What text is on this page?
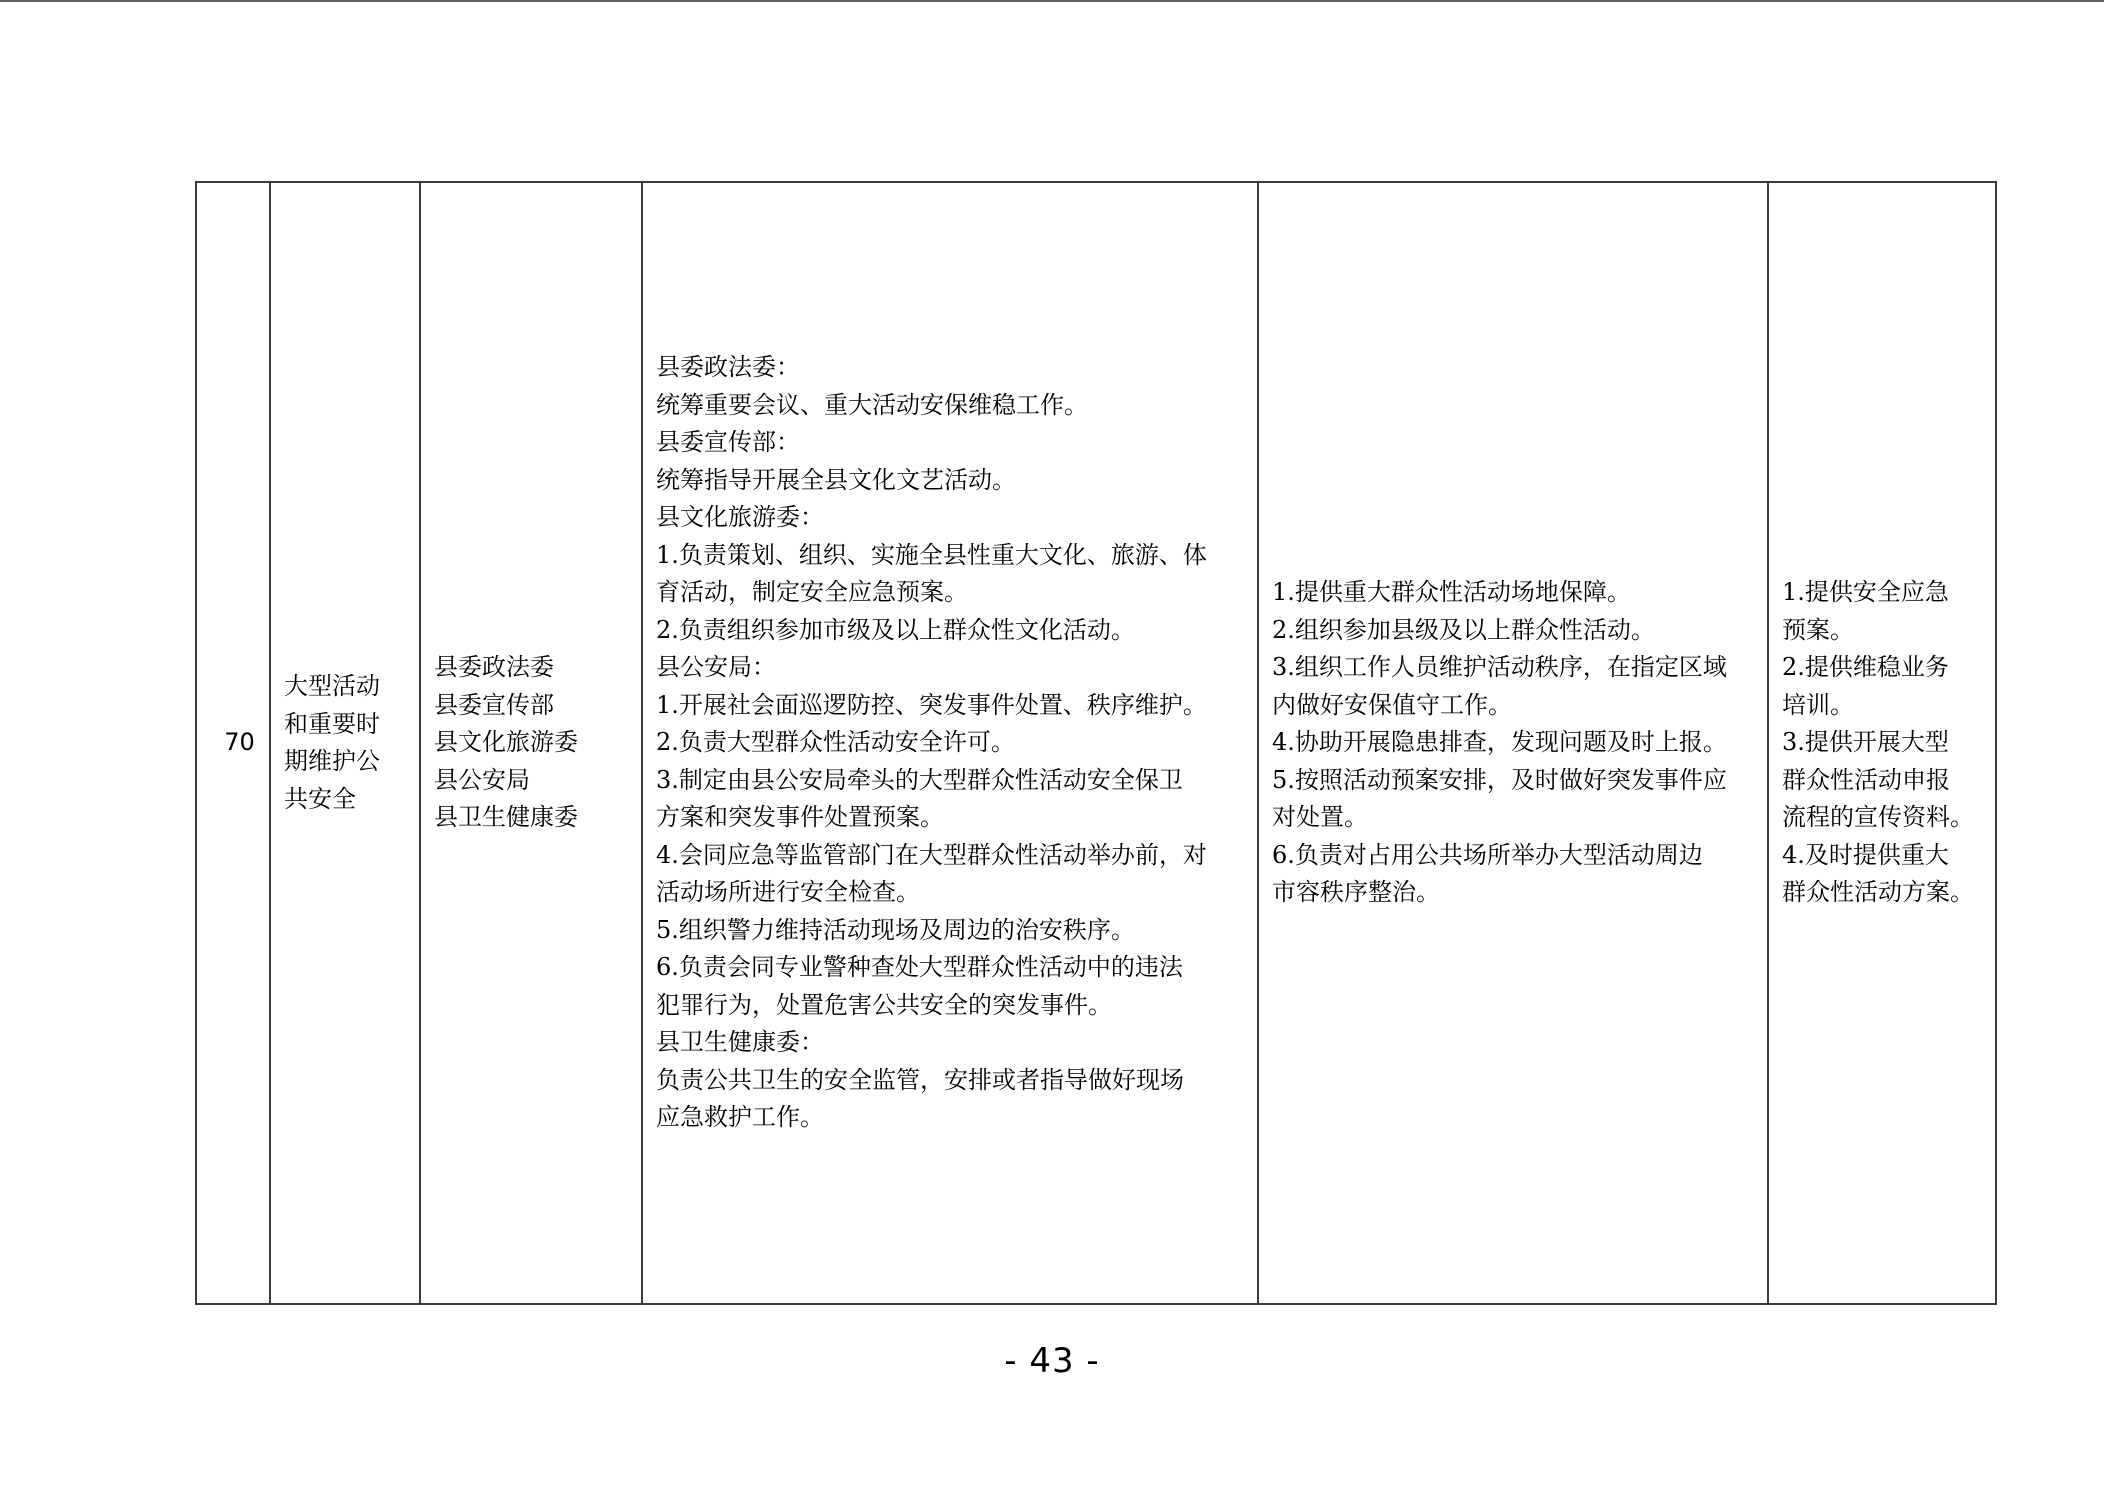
70	
大型活动
和重要时
期维护公
共安全

县委政法委
县委宣传部
县文化旅游委
县公安局
县卫生健康委

县委政法委：
统筹重要会议、重大活动安保维稳工作。
县委宣传部：
统筹指导开展全县文化文艺活动。
县文化旅游委：
1.负责策划、组织、实施全县性重大文化、旅游、体
育活动，制定安全应急预案。
2.负责组织参加市级及以上群众性文化活动。
县公安局：
1.开展社会面巡逻防控、突发事件处置、秩序维护。
2.负责大型群众性活动安全许可。
3.制定由县公安局牵头的大型群众性活动安全保卫
方案和突发事件处置预案。
4.会同应急等监管部门在大型群众性活动举办前，对
活动场所进行安全检查。
5.组织警力维持活动现场及周边的治安秩序。
6.负责会同专业警种查处大型群众性活动中的违法
犯罪行为，处置危害公共安全的突发事件。
县卫生健康委：
负责公共卫生的安全监管，安排或者指导做好现场
应急救护工作。

1.提供重大群众性活动场地保障。
2.组织参加县级及以上群众性活动。
3.组织工作人员维护活动秩序，在指定区域
内做好安保值守工作。
4.协助开展隐患排查，发现问题及时上报。
5.按照活动预案安排，及时做好突发事件应
对处置。
6.负责对占用公共场所举办大型活动周边
市容秩序整治。

1.提供安全应急
预案。
2.提供维稳业务
培训。
3.提供开展大型
群众性活动申报
流程的宣传资料。
4.及时提供重大
群众性活动方案。
- 43 -
